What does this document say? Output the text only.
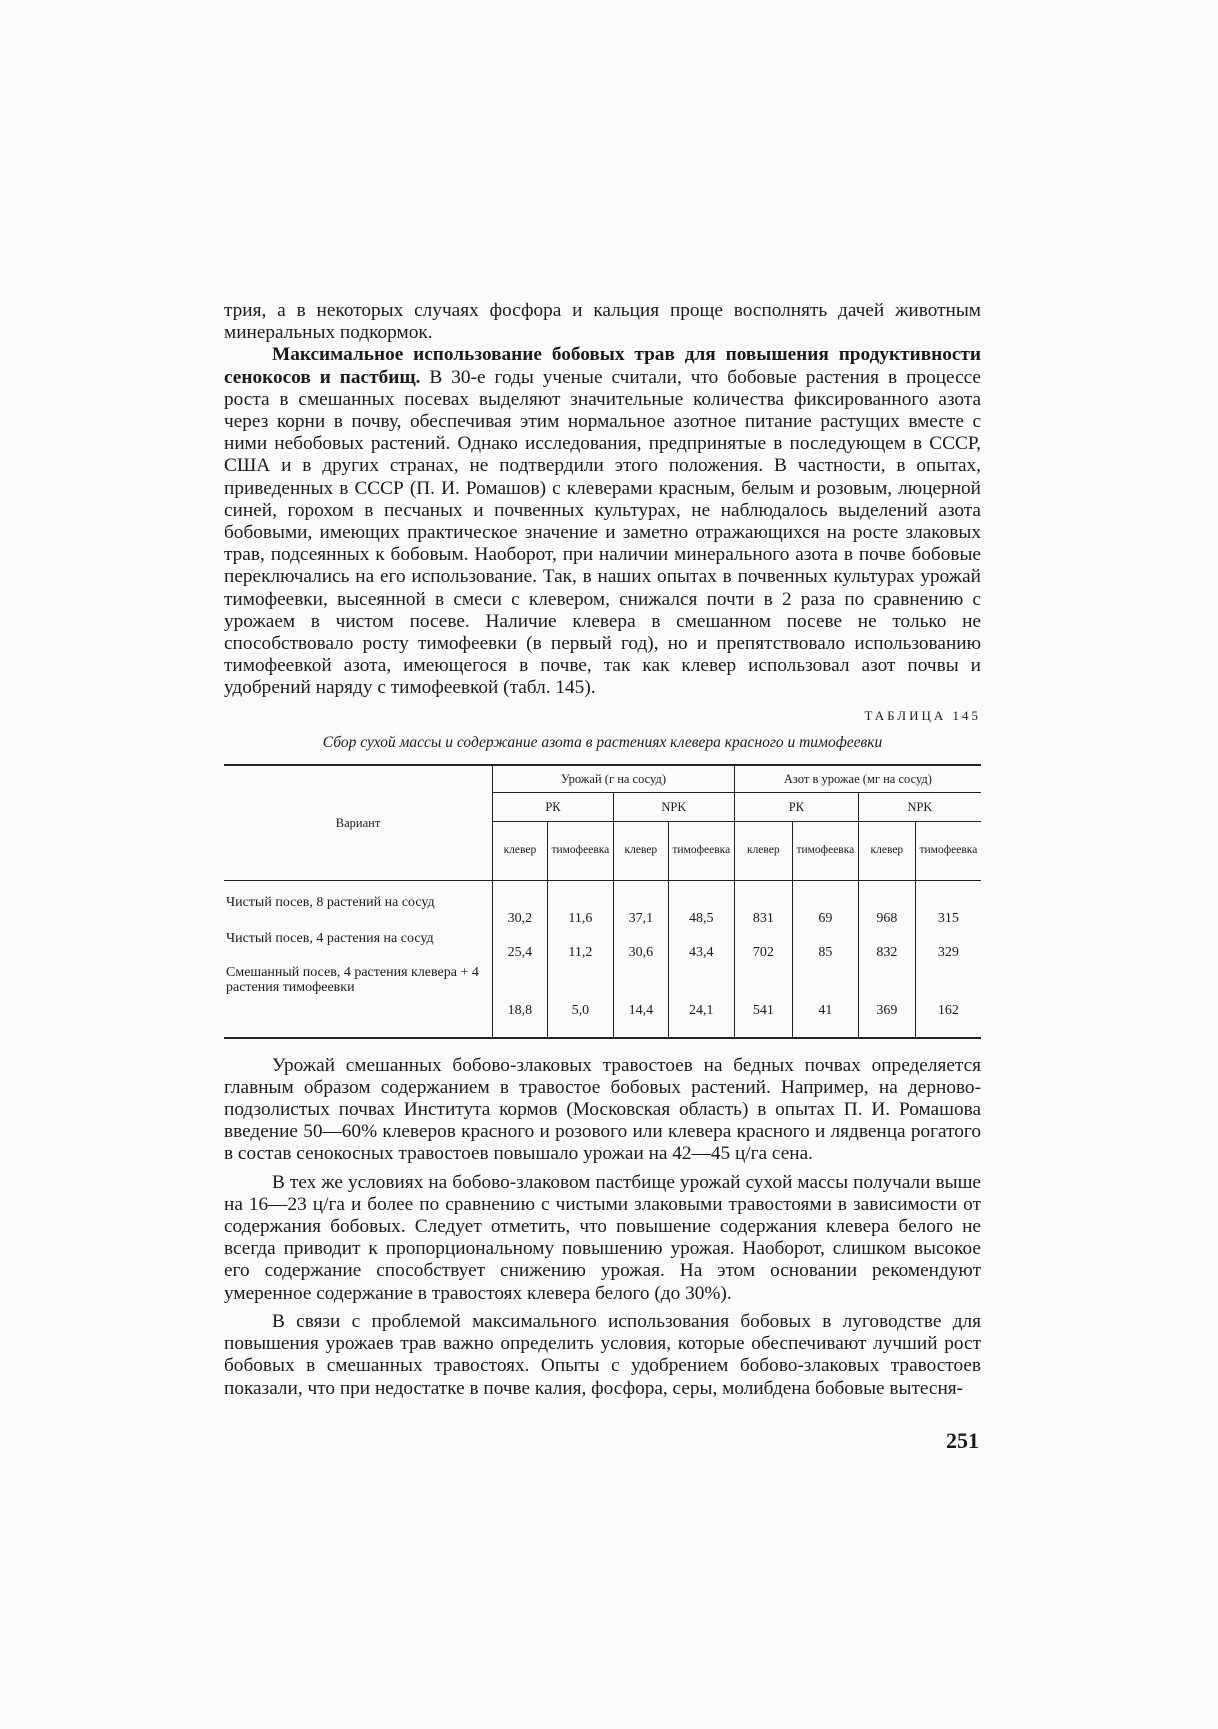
трия, а в некоторых случаях фосфора и кальция проще восполнять дачей животным минеральных подкормок.

Максимальное использование бобовых трав для повышения продуктивности сенокосов и пастбищ. В 30-е годы ученые считали, что бобовые растения в процессе роста в смешанных посевах выделяют значительные количества фиксированного азота через корни в почву, обеспечивая этим нормальное азотное питание растущих вместе с ними небобовых растений. Однако исследования, предпринятые в последующем в СССР, США и в других странах, не подтвердили этого положения. В частности, в опытах, приведенных в СССР (П. И. Ромашов) с клеверами красным, белым и розовым, люцерной синей, горохом в песчаных и почвенных культурах, не наблюдалось выделений азота бобовыми, имеющих практическое значение и заметно отражающихся на росте злаковых трав, подсеянных к бобовым. Наоборот, при наличии минерального азота в почве бобовые переключались на его использование. Так, в наших опытах в почвенных культурах урожай тимофеевки, высеянной в смеси с клевером, снижался почти в 2 раза по сравнению с урожаем в чистом посеве. Наличие клевера в смешанном посеве не только не способствовало росту тимофеевки (в первый год), но и препятствовало использованию тимофеевкой азота, имеющегося в почве, так как клевер использовал азот почвы и удобрений наряду с тимофеевкой (табл. 145).

ТАБЛИЦА 145
Сбор сухой массы и содержание азота в растениях клевера красного и тимофеевки
Вариант	Урожай (г на сосуд)				Азот в урожае (мг на сосуд)			
	РК		NPK		РК		NPK	
	клевер	тимофеевка	клевер	тимофеевка	клевер	тимофеевка	клевер	тимофеевка

Чистый посев, 8 растений на сосуд	30,2	11,6	37,1	48,5	831	69	968	315
Чистый посев, 4 растения на сосуд	25,4	11,2	30,6	43,4	702	85	832	329
Смешанный посев, 4 растения клевера + 4 растения тимофеевки	18,8	5,0	14,4	24,1	541	41	369	162

Урожай смешанных бобово-злаковых травостоев на бедных почвах определяется главным образом содержанием в травостое бобовых растений. Например, на дерново-подзолистых почвах Института кормов (Московская область) в опытах П. И. Ромашова введение 50—60% клеверов красного и розового или клевера красного и лядвенца рогатого в состав сенокосных травостоев повышало урожаи на 42—45 ц/га сена.

В тех же условиях на бобово-злаковом пастбище урожай сухой массы получали выше на 16—23 ц/га и более по сравнению с чистыми злаковыми травостоями в зависимости от содержания бобовых. Следует отметить, что повышение содержания клевера белого не всегда приводит к пропорциональному повышению урожая. Наоборот, слишком высокое его содержание способствует снижению урожая. На этом основании рекомендуют умеренное содержание в травостоях клевера белого (до 30%).

В связи с проблемой максимального использования бобовых в луговодстве для повышения урожаев трав важно определить условия, которые обеспечивают лучший рост бобовых в смешанных травостоях. Опыты с удобрением бобово-злаковых травостоев показали, что при недостатке в почве калия, фосфора, серы, молибдена бобовые вытесня-

251
